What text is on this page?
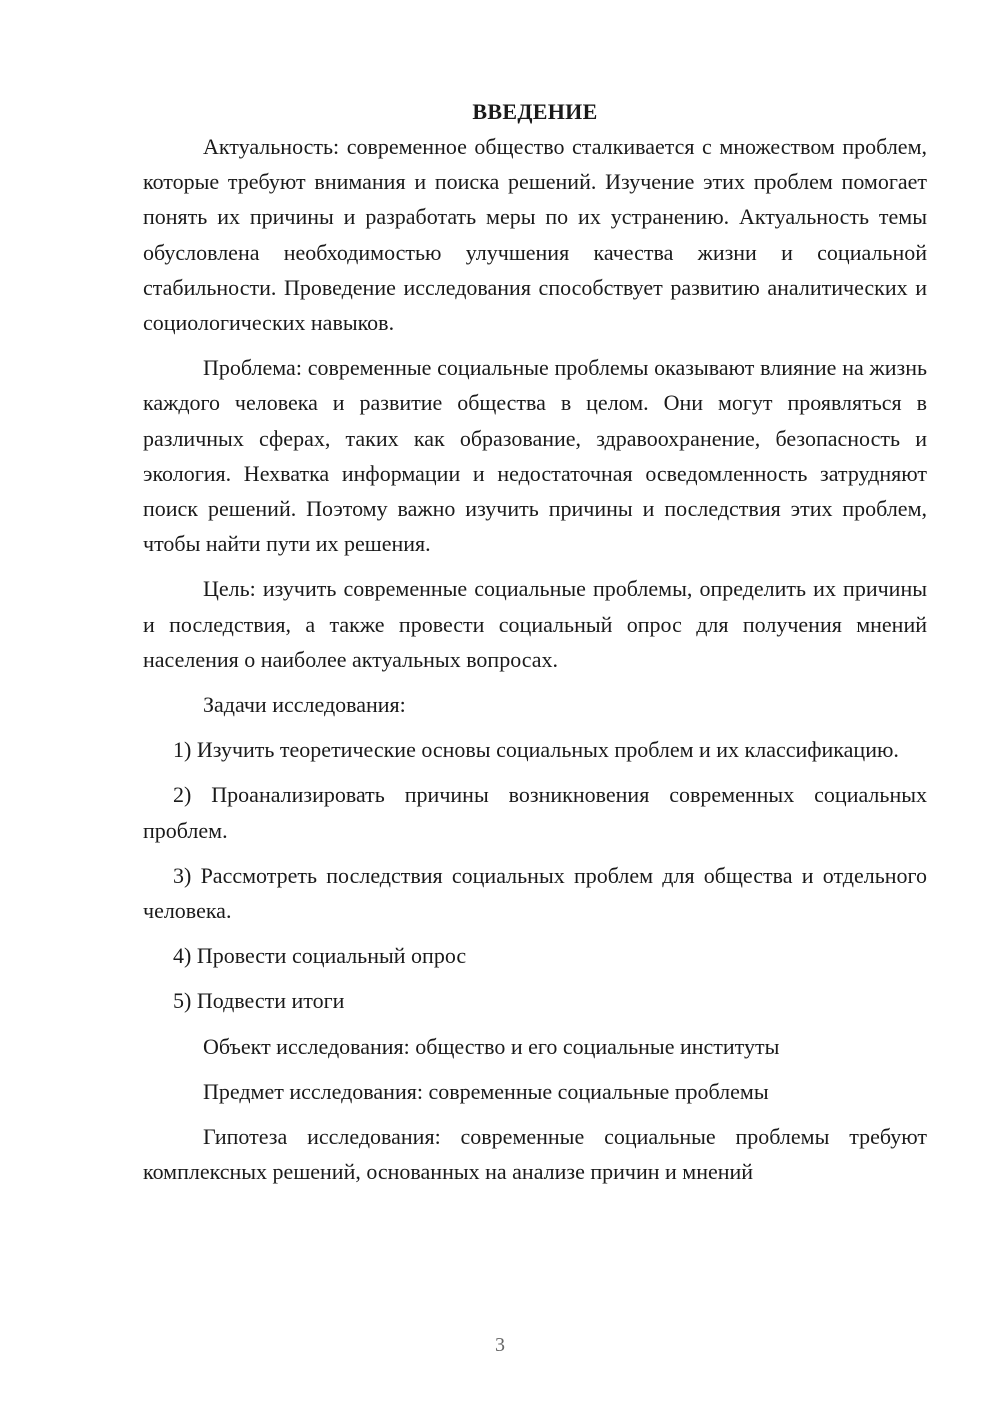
ВВЕДЕНИЕ

Актуальность: современное общество сталкивается с множеством проблем, которые требуют внимания и поиска решений. Изучение этих проблем помогает понять их причины и разработать меры по их устранению. Актуальность темы обусловлена необходимостью улучшения качества жизни и социальной стабильности. Проведение исследования способствует развитию аналитических и социологических навыков.

Проблема: современные социальные проблемы оказывают влияние на жизнь каждого человека и развитие общества в целом. Они могут проявляться в различных сферах, таких как образование, здравоохранение, безопасность и экология. Нехватка информации и недостаточная осведомленность затрудняют поиск решений. Поэтому важно изучить причины и последствия этих проблем, чтобы найти пути их решения.

Цель: изучить современные социальные проблемы, определить их причины и последствия, а также провести социальный опрос для получения мнений населения о наиболее актуальных вопросах.

Задачи исследования:

1) Изучить теоретические основы социальных проблем и их классификацию.

2) Проанализировать причины возникновения современных социальных проблем.

3) Рассмотреть последствия социальных проблем для общества и отдельного человека.

4) Провести социальный опрос

5) Подвести итоги

Объект исследования: общество и его социальные институты

Предмет исследования: современные социальные проблемы

Гипотеза исследования: современные социальные проблемы требуют комплексных решений, основанных на анализе причин и мнений

3
